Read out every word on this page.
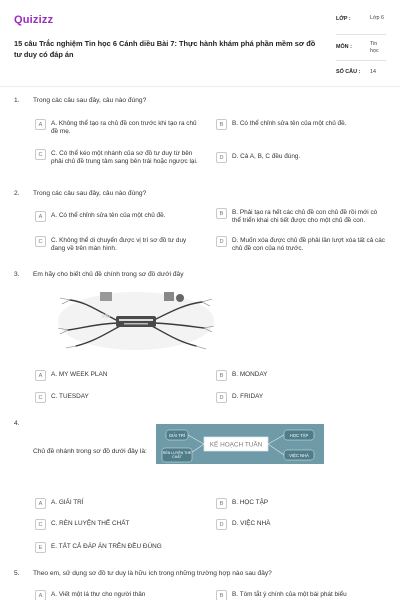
Quizizz
15 câu Trắc nghiệm Tin học 6 Cánh diều Bài 7: Thực hành khám phá phần mềm sơ đồ tư duy có đáp án
LỚP :	Lớp 6
MÔN :	Tin học
SỐ CÂU : 14
1. Trong các câu sau đây, câu nào đúng?
A	A. Không thể tạo ra chủ đề con trước khi tạo ra chủ đề mẹ.
B	B. Có thể chỉnh sửa tên của một chủ đề.
C	C. Có thể kéo một nhánh của sơ đồ tư duy từ bên phải chủ đề trung tâm sang bên trái hoặc ngược lại.
D	D. Cả A, B, C đều đúng.
2. Trong các câu sau đây, câu nào đúng?
A	A. Có thể chỉnh sửa tên của một chủ đề.	B	B. Phải tạo ra hết các chủ đề con chủ đề rồi mới có thể triển khai chi tiết được cho một chủ đề con.
C	C. Không thể di chuyển được vị trí sơ đồ tư duy đang về trên màn hình.
D	D. Muốn xóa được chủ đề phải lần lượt xóa tất cả các chủ đề con của nó trước.
3. Em hãy cho biết chủ đề chính trong sơ đồ dưới đây
A	A. MY WEEK PLAN	B	B. MONDAY
C	C. TUESDAY	D	D. FRIDAY
❧
4.
Chủ đề nhánh trong sơ đồ dưới đây là:
A	A. GIẢI TRÍ	B	B. HỌC TẬP
C	C. RÈN LUYỆN THỂ CHẤT	D	D. VIỆC NHÀ
E	E. TẤT CẢ ĐÁP ÁN TRÊN ĐỀU ĐÚNG
KẾ HOẠCH TUẦN
GIẢI TRÍ
RÈN LUYỆN THỂ CHẤT
HỌC TẬP
VIỆC NHÀ
5. Theo em, sử dụng sơ đồ tư duy là hữu ích trong những trường hợp nào sau đây?
A	A. Viết một lá thư cho người thân	B	B. Tóm tắt ý chính của một bài phát biểu
